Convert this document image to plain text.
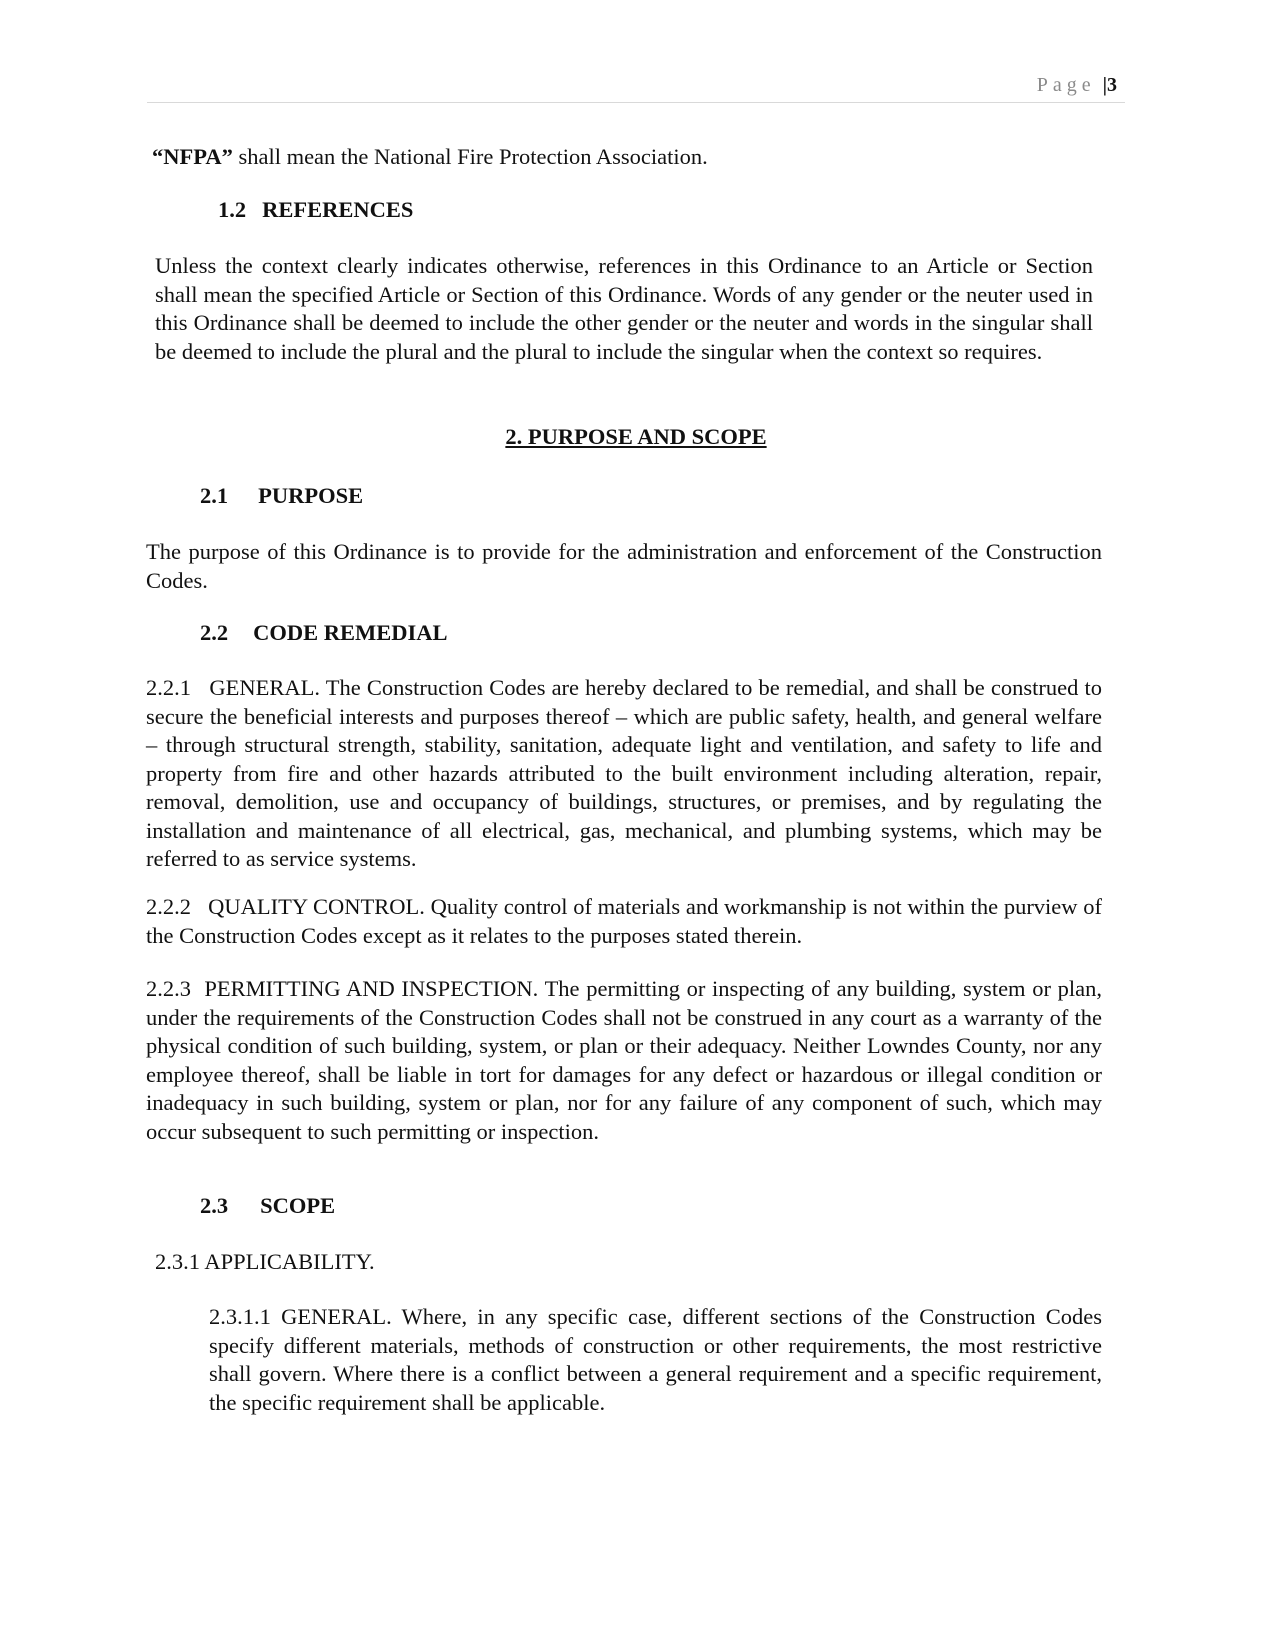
Page |3
“NFPA” shall mean the National Fire Protection Association.
1.2 REFERENCES
Unless the context clearly indicates otherwise, references in this Ordinance to an Article or Section shall mean the specified Article or Section of this Ordinance. Words of any gender or the neuter used in this Ordinance shall be deemed to include the other gender or the neuter and words in the singular shall be deemed to include the plural and the plural to include the singular when the context so requires.
2. PURPOSE AND SCOPE
2.1 PURPOSE
The purpose of this Ordinance is to provide for the administration and enforcement of the Construction Codes.
2.2 CODE REMEDIAL
2.2.1   GENERAL. The Construction Codes are hereby declared to be remedial, and shall be construed to secure the beneficial interests and purposes thereof – which are public safety, health, and general welfare – through structural strength, stability, sanitation, adequate light and ventilation, and safety to life and property from fire and other hazards attributed to the built environment including alteration, repair, removal, demolition, use and occupancy of buildings, structures, or premises, and by regulating the installation and maintenance of all electrical, gas, mechanical, and plumbing systems, which may be referred to as service systems.
2.2.2   QUALITY CONTROL. Quality control of materials and workmanship is not within the purview of the Construction Codes except as it relates to the purposes stated therein.
2.2.3  PERMITTING AND INSPECTION. The permitting or inspecting of any building, system or plan, under the requirements of the Construction Codes shall not be construed in any court as a warranty of the physical condition of such building, system, or plan or their adequacy. Neither Lowndes County, nor any employee thereof, shall be liable in tort for damages for any defect or hazardous or illegal condition or inadequacy in such building, system or plan, nor for any failure of any component of such, which may occur subsequent to such permitting or inspection.
2.3 SCOPE
2.3.1 APPLICABILITY.
2.3.1.1 GENERAL. Where, in any specific case, different sections of the Construction Codes specify different materials, methods of construction or other requirements, the most restrictive shall govern. Where there is a conflict between a general requirement and a specific requirement, the specific requirement shall be applicable.
